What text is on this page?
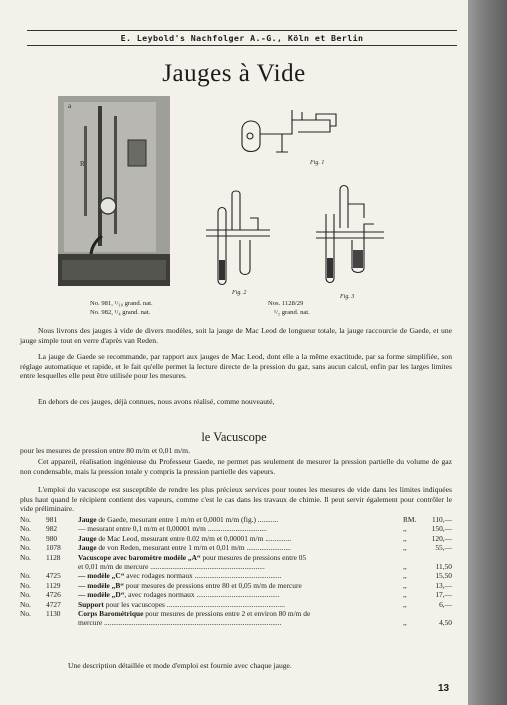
E. Leybold's Nachfolger A.-G., Köln et Berlin
Jauges à Vide
a
R	Fig. 1
Fig. 2
Fig. 3
No. 981, ¹/₁₀ grand. nat.
No. 982, ¹/₄ grand. nat.
Nos. 1128/29
¹/₂ grand. nat.
Nous livrons des jauges à vide de divers modèles, soit la jauge de Mac Leod de longueur totale, la jauge raccourcie de Gaede, et une jauge simple tout en verre d'après van Reden.
La jauge de Gaede se recommande, par rapport aux jauges de Mac Leod, dont elle a la même exactitude, par sa forme simplifiée, son réglage automatique et rapide, et le fait qu'elle permet la lecture directe de la pression du gaz, sans aucun calcul, enfin par les larges limites entre lesquelles elle peut être utilisée pour les mesures.
En dehors de ces jauges, déjà connues, nous avons réalisé, comme nouveauté,
le Vacuscope
pour les mesures de pression entre 80 m/m et 0,01 m/m.
Cet appareil, réalisation ingénieuse du Professeur Gaede, ne permet pas seulement de mesurer la pression partielle du volume de gaz non condensable, mais la pression totale y compris la pression partielle des vapeurs.
L'emploi du vacuscope est susceptible de rendre les plus précieux services pour toutes les mesures de vide dans les limites indiquées plus haut quand le récipient contient des vapeurs, comme c'est le cas dans les travaux de chimie. Il peut servir également pour contrôler le vide préliminaire.
No.	981	Jauge de Gaede, mesurant entre 1 m/m et 0,0001 m/m (fig.) ...........	RM.	110,—
No.	982	— mesurant entre 0,1 m/m et 0,00001 m/m ................................	,,	150,—
No.	980	Jauge de Mac Leod, mesurant entre 0.02 m/m et 0,00001 m/m ..............	,,	120,—
No.	1078	Jauge de von Reden, mesurant entre 1 m/m et 0,01 m/m ........................	,,	55,—
No.	1128	Vacuscope avec baromètre modèle „A“ pour mesures de pressions entre 05
et 0,01 m/m de mercure ..............................................................	,,	11,50
No.	4725	— modèle „C“ avec rodages normaux ...............................................	,,	15,50
No.	1129	— modèle „B“ pour mesures de pressions entre 80 et 0,05 m/m de mercure	,,	13,—
No.	4726	— modèle „D“, avec rodages normaux .............................................	,,	17,—
No.	4727	Support pour les vacuscopes ................................................................	,,	6,—
No.	1130	Corps Barométrique pour mesures de pressions entre 2 et environ 80 m/m de
mercure ................................................................................................	,,	4,50
Une description détaillée et mode d'emploi est fournie avec chaque jauge.
13
